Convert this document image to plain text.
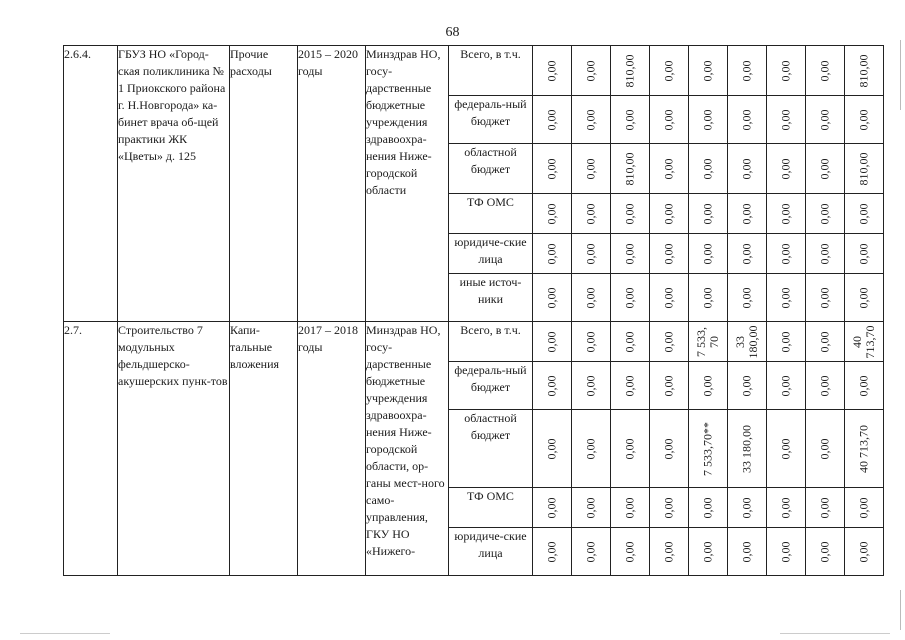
68
2.6.4.	ГБУЗ НО «Город-ская поликлиника № 1 Приокского района г. Н.Новгорода» ка-бинет врача об-щей практики ЖК «Цветы» д. 125	Прочие расходы	2015 – 2020 годы	Минздрав НО, госу-дарственные бюджетные учреждения здравоохра-нения Ниже-городской области	Всего, в т.ч.	0,00	0,00	810,00	0,00	0,00	0,00	0,00	0,00	810,00

					федераль-ный бюджет	0,00	0,00	0,00	0,00	0,00	0,00	0,00	0,00	0,00

					областной бюджет	0,00	0,00	810,00	0,00	0,00	0,00	0,00	0,00	810,00

					ТФ ОМС	0,00	0,00	0,00	0,00	0,00	0,00	0,00	0,00	0,00

					юридиче-ские лица	0,00	0,00	0,00	0,00	0,00	0,00	0,00	0,00	0,00

					иные источ-ники	0,00	0,00	0,00	0,00	0,00	0,00	0,00	0,00	0,00

2.7.	Строительство 7 модульных фельдшерско-акушерских пунк-тов	Капи-тальные вложения	2017 – 2018 годы	Минздрав НО, госу-дарственные бюджетные учреждения здравоохра-нения Ниже-городской области, ор-ганы мест-ного само-управления, ГКУ НО «Нижего-	Всего, в т.ч.	0,00	0,00	0,00	0,00	7 533, 70	33 180,00	0,00	0,00	40 713,70

					федераль-ный бюджет	0,00	0,00	0,00	0,00	0,00	0,00	0,00	0,00	0,00

					областной бюджет	0,00	0,00	0,00	0,00	7 533,70**	33 180,00	0,00	0,00	40 713,70

					ТФ ОМС	0,00	0,00	0,00	0,00	0,00	0,00	0,00	0,00	0,00

					юридиче-ские лица	0,00	0,00	0,00	0,00	0,00	0,00	0,00	0,00	0,00
